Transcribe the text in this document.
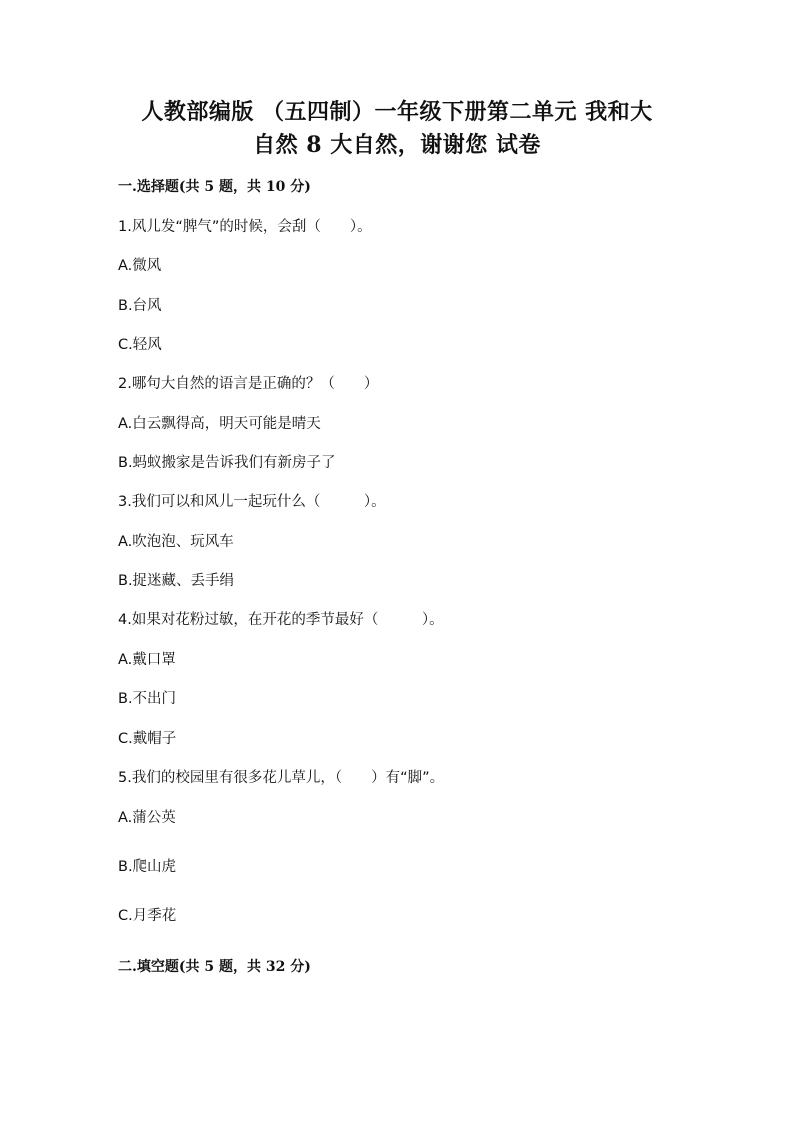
人教部编版 （五四制）一年级下册第二单元 我和大
自然 8 大自然，谢谢您 试卷
一.选择题(共 5 题，共 10 分)
1.风儿发“脾气”的时候，会刮（　　）。
A.微风
B.台风
C.轻风
2.哪句大自然的语言是正确的？（　　）
A.白云飘得高，明天可能是晴天
B.蚂蚁搬家是告诉我们有新房子了
3.我们可以和风儿一起玩什么（　　　）。
A.吹泡泡、玩风车
B.捉迷藏、丢手绢
4.如果对花粉过敏，在开花的季节最好（　　　）。
A.戴口罩
B.不出门
C.戴帽子
5.我们的校园里有很多花儿草儿，（　　）有“脚”。
A.蒲公英
B.爬山虎
C.月季花
二.填空题(共 5 题，共 32 分)
